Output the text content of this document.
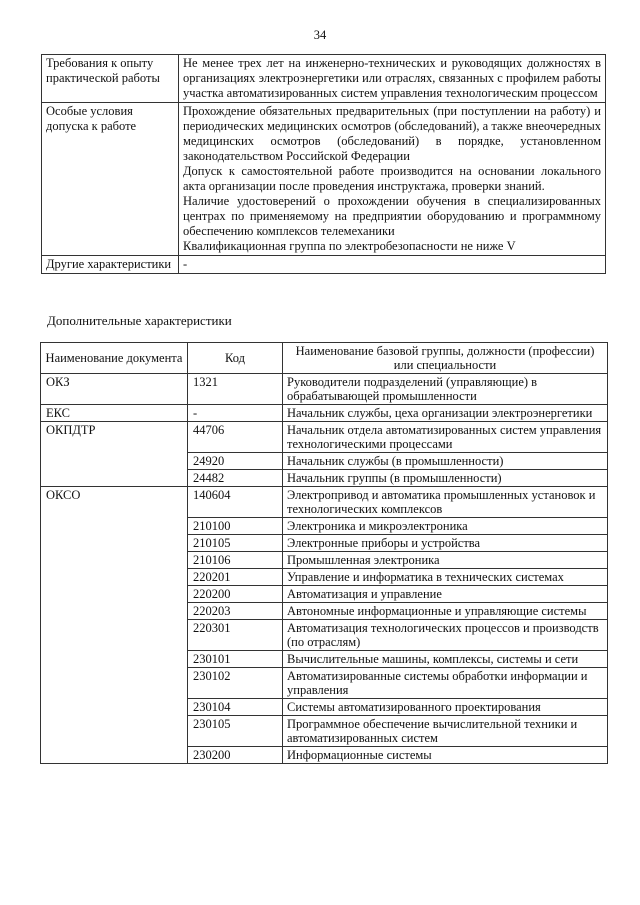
34
Требования к опыту практической работы	Не менее трех лет на инженерно-технических и руководящих должностях в организациях электроэнергетики или отраслях, связанных с профилем работы участка автоматизированных систем управления технологическим процессом

Особые условия допуска к работе	Прохождение обязательных предварительных (при поступлении на работу) и периодических медицинских осмотров (обследований), а также внеочередных медицинских осмотров (обследований) в порядке, установленном законодательством Российской Федерации

Допуск к самостоятельной работе производится на основании локального акта организации после проведения инструктажа, проверки знаний.

Наличие удостоверений о прохождении обучения в специализированных центрах по применяемому на предприятии оборудованию и программному обеспечению комплексов телемеханики

Квалификационная группа по электробезопасности не ниже V

Другие характеристики	-

Дополнительные характеристики
Наименование документа	Код	Наименование базовой группы, должности (профессии) или специальности
ОКЗ	1321	Руководители подразделений (управляющие) в обрабатывающей промышленности
ЕКС	-	Начальник службы, цеха организации электроэнергетики
ОКПДТР	44706	Начальник отдела автоматизированных систем управления технологическими процессами
	24920	Начальник службы (в промышленности)
	24482	Начальник группы (в промышленности)
ОКСО	140604	Электропривод и автоматика промышленных установок и технологических комплексов
	210100	Электроника и микроэлектроника
	210105	Электронные приборы и устройства
	210106	Промышленная электроника
	220201	Управление и информатика в технических системах
	220200	Автоматизация и управление
	220203	Автономные информационные и управляющие системы
	220301	Автоматизация технологических процессов и производств (по отраслям)
	230101	Вычислительные машины, комплексы, системы и сети
	230102	Автоматизированные системы обработки информации и управления
	230104	Системы автоматизированного проектирования
	230105	Программное обеспечение вычислительной техники и автоматизированных систем
	230200	Информационные системы
